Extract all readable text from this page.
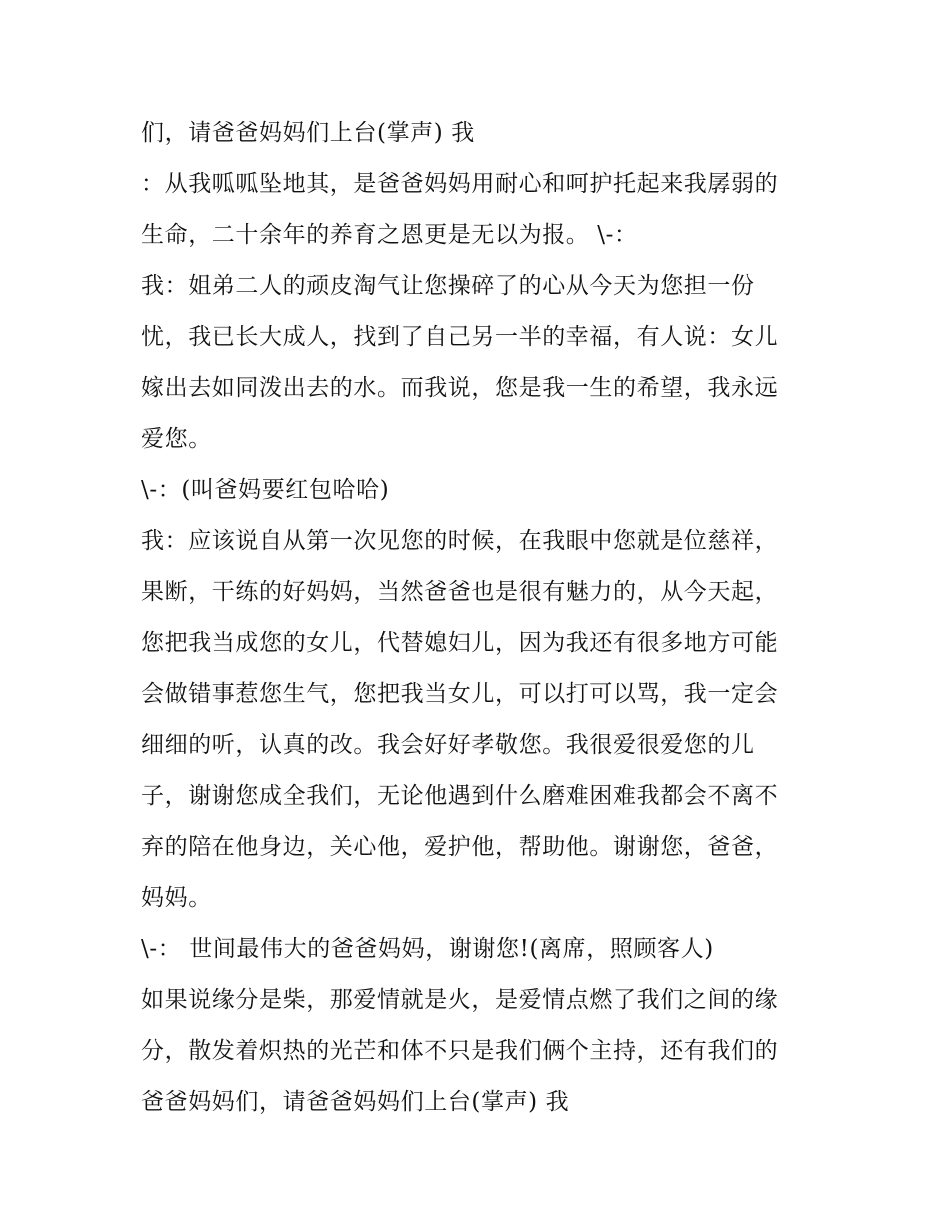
们，请爸爸妈妈们上台(掌声) 我
：从我呱呱坠地其，是爸爸妈妈用耐心和呵护托起来我孱弱的
生命，二十余年的养育之恩更是无以为报。 \-：
我：姐弟二人的顽皮淘气让您操碎了的心从今天为您担一份
忧，我已长大成人，找到了自己另一半的幸福，有人说：女儿
嫁出去如同泼出去的水。而我说，您是我一生的希望，我永远
爱您。
\-：(叫爸妈要红包哈哈)
我：应该说自从第一次见您的时候，在我眼中您就是位慈祥，
果断，干练的好妈妈，当然爸爸也是很有魅力的，从今天起，
您把我当成您的女儿，代替媳妇儿，因为我还有很多地方可能
会做错事惹您生气，您把我当女儿，可以打可以骂，我一定会
细细的听，认真的改。我会好好孝敬您。我很爱很爱您的儿
子，谢谢您成全我们，无论他遇到什么磨难困难我都会不离不
弃的陪在他身边，关心他，爱护他，帮助他。谢谢您，爸爸，
妈妈。
\-： 世间最伟大的爸爸妈妈，谢谢您!(离席，照顾客人)
如果说缘分是柴，那爱情就是火，是爱情点燃了我们之间的缘
分，散发着炽热的光芒和体不只是我们俩个主持，还有我们的
爸爸妈妈们，请爸爸妈妈们上台(掌声) 我
